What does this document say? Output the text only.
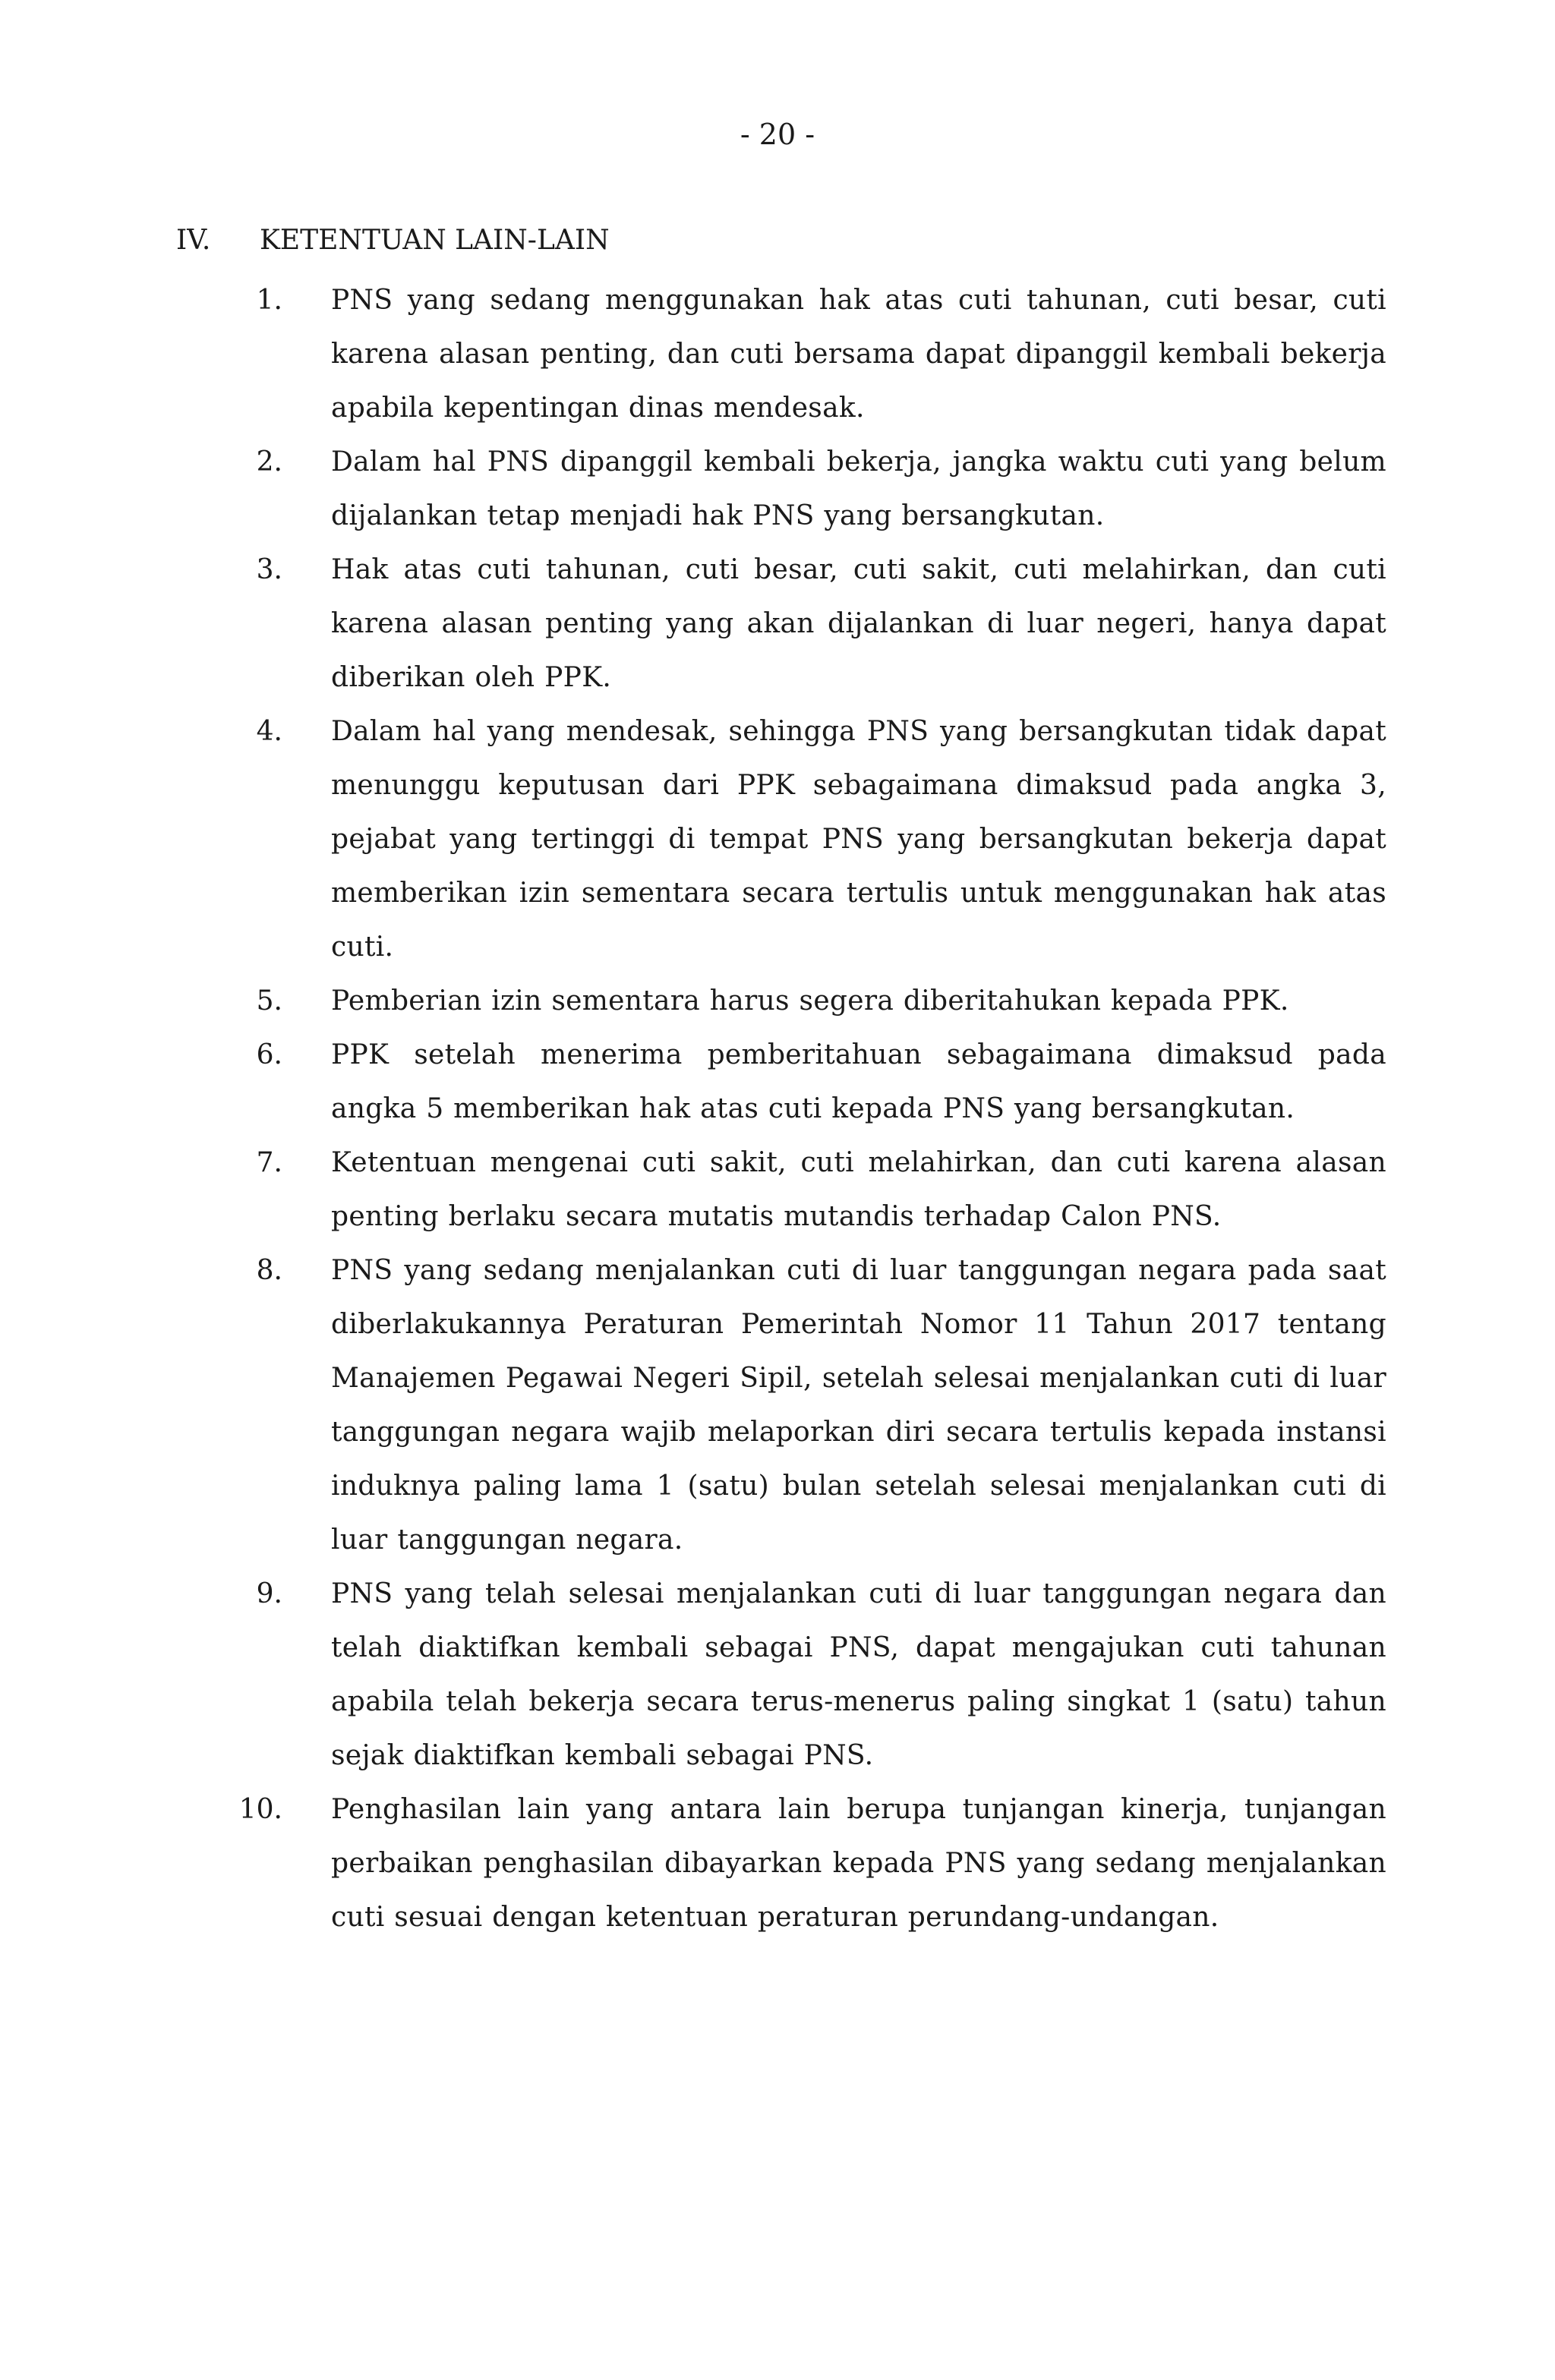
- 20 -
IV. KETENTUAN LAIN-LAIN
1. PNS yang sedang menggunakan hak atas cuti tahunan, cuti besar, cuti karena alasan penting, dan cuti bersama dapat dipanggil kembali bekerja apabila kepentingan dinas mendesak.
2. Dalam hal PNS dipanggil kembali bekerja, jangka waktu cuti yang belum dijalankan tetap menjadi hak PNS yang bersangkutan.
3. Hak atas cuti tahunan, cuti besar, cuti sakit, cuti melahirkan, dan cuti karena alasan penting yang akan dijalankan di luar negeri, hanya dapat diberikan oleh PPK.
4. Dalam hal yang mendesak, sehingga PNS yang bersangkutan tidak dapat menunggu keputusan dari PPK sebagaimana dimaksud pada angka 3, pejabat yang tertinggi di tempat PNS yang bersangkutan bekerja dapat memberikan izin sementara secara tertulis untuk menggunakan hak atas cuti.
5. Pemberian izin sementara harus segera diberitahukan kepada PPK.
6. PPK setelah menerima pemberitahuan sebagaimana dimaksud pada angka 5 memberikan hak atas cuti kepada PNS yang bersangkutan.
7. Ketentuan mengenai cuti sakit, cuti melahirkan, dan cuti karena alasan penting berlaku secara mutatis mutandis terhadap Calon PNS.
8. PNS yang sedang menjalankan cuti di luar tanggungan negara pada saat diberlakukannya Peraturan Pemerintah Nomor 11 Tahun 2017 tentang Manajemen Pegawai Negeri Sipil, setelah selesai menjalankan cuti di luar tanggungan negara wajib melaporkan diri secara tertulis kepada instansi induknya paling lama 1 (satu) bulan setelah selesai menjalankan cuti di luar tanggungan negara.
9. PNS yang telah selesai menjalankan cuti di luar tanggungan negara dan telah diaktifkan kembali sebagai PNS, dapat mengajukan cuti tahunan apabila telah bekerja secara terus-menerus paling singkat 1 (satu) tahun sejak diaktifkan kembali sebagai PNS.
10. Penghasilan lain yang antara lain berupa tunjangan kinerja, tunjangan perbaikan penghasilan dibayarkan kepada PNS yang sedang menjalankan cuti sesuai dengan ketentuan peraturan perundang-undangan.
